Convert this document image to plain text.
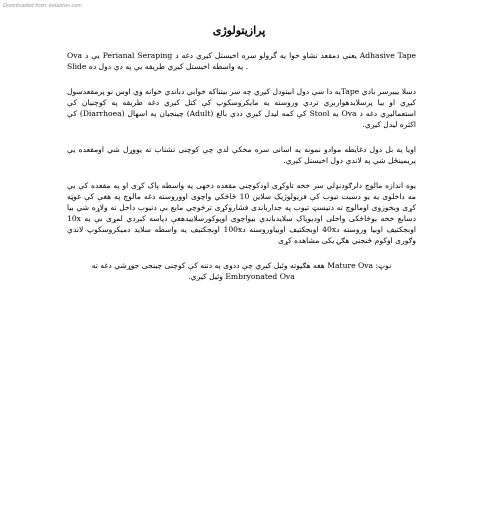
Downloaded from: kelabton.com
پرازیتولوژی

Ova یې د Perianal Seraping یعنې دمقعد نشاو خوا یه گرولو سره اخیستل کیږي دغه د Adhasive Tape Slide په واسطه اخیستل کیږي طریقه یې په دې دول ده .

دسلا یبیرسر بادي Tapeیه دا سې دول ابینودل کیږي چه سر بیتناکه خوابي دباندي خوانه وي اوس نو پرمقعدسول کیږي او بیا پرسلایدهواربږي تردي وروسته یه مایکروسکوپ کې کتل کیږي دغه طریقه په کوچنیان کې استعمالیږي دغه د Ova یه Stool کې کمه لیدل کیږي ددې بالغ (Adult) چینجیان په اسهال (Diarrhoea) کې اکثره لیدل کیږي.

اویا یه بل دول دغایطه موادو نمونه یه اسانی سره مخکې لدې چې کوچنی تشناب ته یووړل شي اومقعده یې پریمینځل شي په لاندې دول اخیستل کیږي.

یوه اندازه مالوچ دلرګودنډلي سر خخه تاوکړی اودکوچني مقعده دخهی په واسطه پاک کړی او په مقعده کې یې مه داخلوی یه یو دسبت تیوب کې فزیولوژیک سلاین 10 ځاڅکي واچوی اووروسته دغه مالوچ په هغې کې غوټه کړی وبخوزوی اومالوچ ته دتیسټ تیوب په جدارباندی فشاروکړی ترڅوچي مایع بې دتیوب داخل ته ولاړه شي بیا دسابع خخه یوڅاڅکی واخلی اودیوپاک سلایدباندې بیواچوی اوپوکورسلاییدهغې دپاسه کېږدي لمړی بې یه 10x اوبجکتیف اوبیا وروسته د40x اوبجکتیف اوبیاوروسته د100x اوبجکتیف یه واسطه سلاید دمیکروسکوپ لاندې وګوری اوکوم ځنجني هګۍ یکی مشاهده کړی

نوټ: Mature Ova هغه هګیوته وئیل کیږي چې ددوی په دننه کې کوچنی چینجی جوړشي دغه ته Embryonated Ova وئیل کیږي.
